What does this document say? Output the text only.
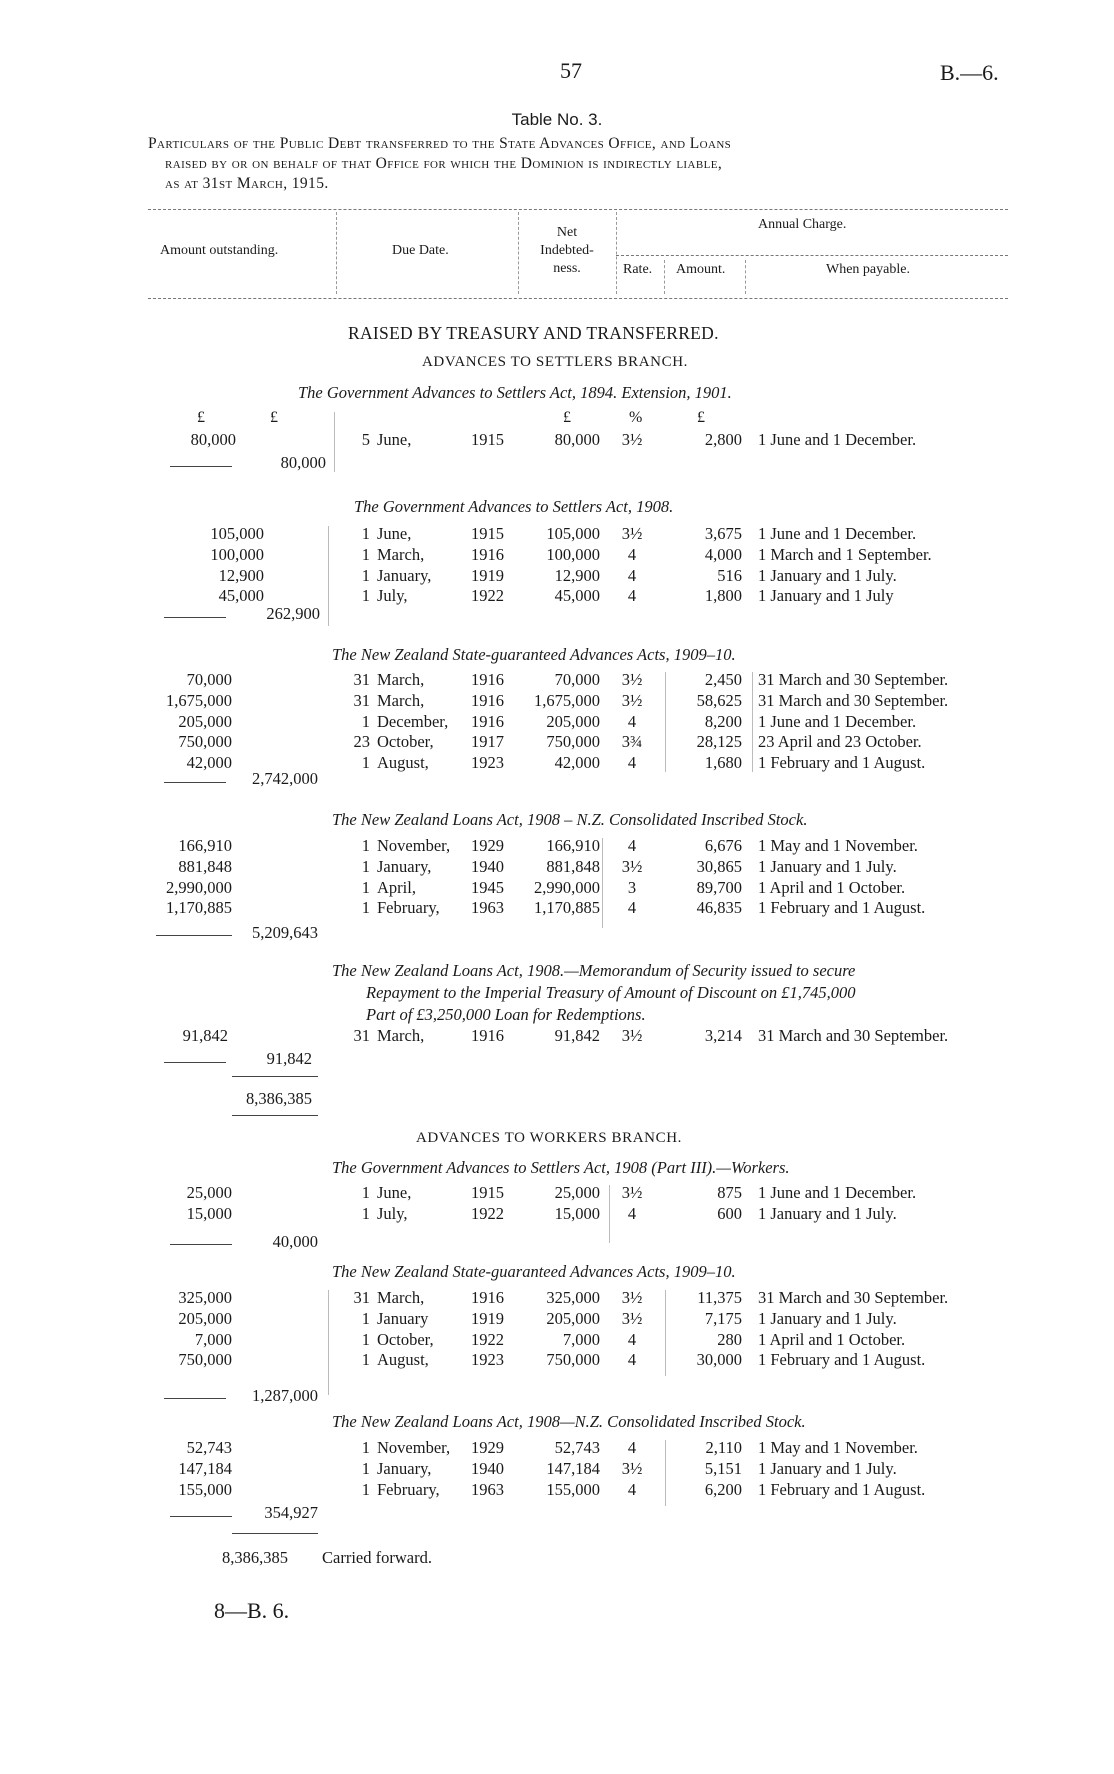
57	B.—6.
Table No. 3.
Particulars of the Public Debt transferred to the State Advances Office, and Loans
raised by or on behalf of that Office for which the Dominion is indirectly liable,
as at 31st March, 1915.
Amount outstanding.	Due Date.
Net
Indebted-
ness.
Annual Charge.
Rate. Amount.	When payable.
RAISED BY TREASURY AND TRANSFERRED.
ADVANCES TO SETTLERS BRANCH.
The Government Advances to Settlers Act, 1894. Extension, 1901.
£	£	£	%	£
80,000	5 June,	1915	80,000	3½	2,800 1 June and 1 December.
80,000
The Government Advances to Settlers Act, 1908.
105,000	1 June,	1915	105,000	3½	3,675 1 June and 1 December.
100,000	1 March,	1916	100,000	4	4,000 1 March and 1 September.
12,900	1 January,	1919	12,900	4	516 1 January and 1 July.
45,000	1 July,	1922	45,000	4	1,800 1 January and 1 July
262,900
The New Zealand State-guaranteed Advances Acts, 1909–10.
70,000	31 March,	1916	70,000	3½	2,450 31 March and 30 September.
1,675,000	31 March,	1916	1,675,000	3½	58,625 31 March and 30 September.
205,000	1 December,	1916	205,000	4	8,200 1 June and 1 December.
750,000	23 October,	1917	750,000	3¾	28,125 23 April and 23 October.
42,000	1 August,	1923	42,000	4	1,680 1 February and 1 August.
2,742,000
The New Zealand Loans Act, 1908 – N.Z. Consolidated Inscribed Stock.
166,910	1 November,	1929	166,910	4	6,676 1 May and 1 November.
881,848	1 January,	1940	881,848	3½	30,865 1 January and 1 July.
2,990,000	1 April,	1945	2,990,000	3	89,700 1 April and 1 October.
1,170,885	1 February,	1963	1,170,885	4	46,835 1 February and 1 August.
5,209,643
The New Zealand Loans Act, 1908.—Memorandum of Security issued to secure
Repayment to the Imperial Treasury of Amount of Discount on £1,745,000
Part of £3,250,000 Loan for Redemptions.
91,842	31 March,	1916	91,842	3½	3,214 31 March and 30 September.
91,842
8,386,385
ADVANCES TO WORKERS BRANCH.
The Government Advances to Settlers Act, 1908 (Part III).—Workers.
25,000	1 June,	1915	25,000	3½	875 1 June and 1 December.
15,000	1 July,	1922	15,000	4	600 1 January and 1 July.
40,000
The New Zealand State-guaranteed Advances Acts, 1909–10.
325,000	31 March,	1916	325,000	3½	11,375 31 March and 30 September.
205,000	1 January	1919	205,000	3½	7,175 1 January and 1 July.
7,000	1 October,	1922	7,000	4	280 1 April and 1 October.
750,000	1 August,	1923	750,000	4	30,000 1 February and 1 August.
1,287,000
The New Zealand Loans Act, 1908—N.Z. Consolidated Inscribed Stock.
52,743	1 November,	1929	52,743	4	2,110 1 May and 1 November.
147,184	1 January,	1940	147,184	3½	5,151 1 January and 1 July.
155,000	1 February,	1963	155,000	4	6,200 1 February and 1 August.
354,927
8,386,385 Carried forward.
8—B. 6.
